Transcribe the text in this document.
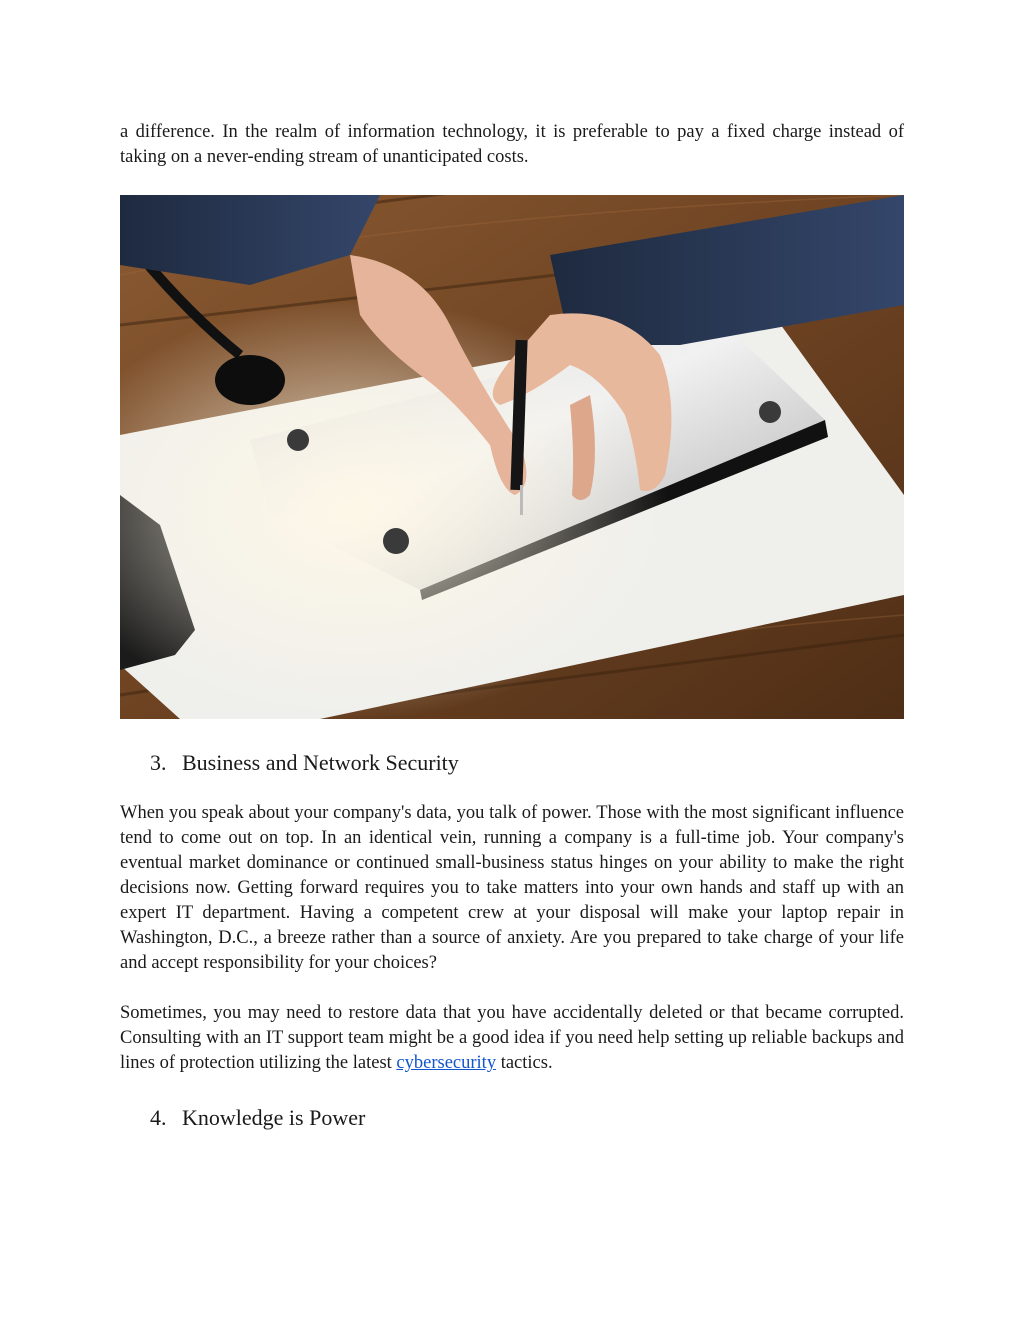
a difference. In the realm of information technology, it is preferable to pay a fixed charge instead of taking on a never-ending stream of unanticipated costs.

3. Business and Network Security

When you speak about your company's data, you talk of power. Those with the most significant influence tend to come out on top. In an identical vein, running a company is a full-time job. Your company's eventual market dominance or continued small-business status hinges on your ability to make the right decisions now. Getting forward requires you to take matters into your own hands and staff up with an expert IT department. Having a competent crew at your disposal will make your laptop repair in Washington, D.C., a breeze rather than a source of anxiety. Are you prepared to take charge of your life and accept responsibility for your choices?

Sometimes, you may need to restore data that you have accidentally deleted or that became corrupted. Consulting with an IT support team might be a good idea if you need help setting up reliable backups and lines of protection utilizing the latest cybersecurity tactics.

4. Knowledge is Power
